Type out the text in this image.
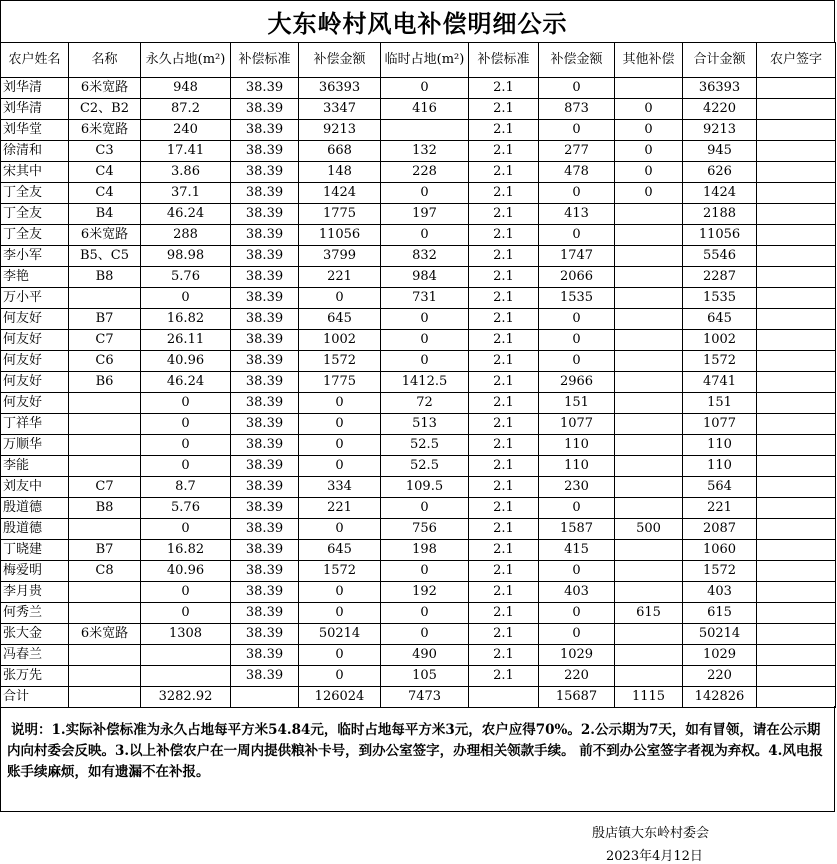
大东岭村风电补偿明细公示
农户姓名	名称	永久占地(m²)	补偿标准	补偿金额	临时占地(m²)	补偿标准	补偿金额	其他补偿	合计金额	农户签字
刘华清	6米宽路	948	38.39	36393	0	2.1	0		36393	
刘华清	C2、B2	87.2	38.39	3347	416	2.1	873	0	4220	
刘华堂	6米宽路	240	38.39	9213		2.1	0	0	9213	
徐清和	C3	17.41	38.39	668	132	2.1	277	0	945	
宋其中	C4	3.86	38.39	148	228	2.1	478	0	626	
丁全友	C4	37.1	38.39	1424	0	2.1	0	0	1424	
丁全友	B4	46.24	38.39	1775	197	2.1	413		2188	
丁全友	6米宽路	288	38.39	11056	0	2.1	0		11056	
李小军	B5、C5	98.98	38.39	3799	832	2.1	1747		5546	
李艳	B8	5.76	38.39	221	984	2.1	2066		2287	
万小平		0	38.39	0	731	2.1	1535		1535	
何友好	B7	16.82	38.39	645	0	2.1	0		645	
何友好	C7	26.11	38.39	1002	0	2.1	0		1002	
何友好	C6	40.96	38.39	1572	0	2.1	0		1572	
何友好	B6	46.24	38.39	1775	1412.5	2.1	2966		4741	
何友好		0	38.39	0	72	2.1	151		151	
丁祥华		0	38.39	0	513	2.1	1077		1077	
万顺华		0	38.39	0	52.5	2.1	110		110	
李能		0	38.39	0	52.5	2.1	110		110	
刘友中	C7	8.7	38.39	334	109.5	2.1	230		564	
殷道德	B8	5.76	38.39	221	0	2.1	0		221	
殷道德		0	38.39	0	756	2.1	1587	500	2087	
丁晓建	B7	16.82	38.39	645	198	2.1	415		1060	
梅爱明	C8	40.96	38.39	1572	0	2.1	0		1572	
李月贵		0	38.39	0	192	2.1	403		403	
何秀兰		0	38.39	0	0	2.1	0	615	615	
张大金	6米宽路	1308	38.39	50214	0	2.1	0		50214	
冯春兰			38.39	0	490	2.1	1029		1029	
张万先			38.39	0	105	2.1	220		220	
合计		3282.92		126024	7473		15687	1115	142826	
说明：1.实际补偿标准为永久占地每平方米54.84元，临时占地每平方米3元，农户应得70%。2.公示期为7天，如有冒领，请在公示期内向村委会反映。3.以上补偿农户在一周内提供粮补卡号，到办公室签字，办理相关领款手续。 前不到办公室签字者视为弃权。4.风电报账手续麻烦，如有遗漏不在补报。
殷店镇大东岭村委会
2023年4月12日
